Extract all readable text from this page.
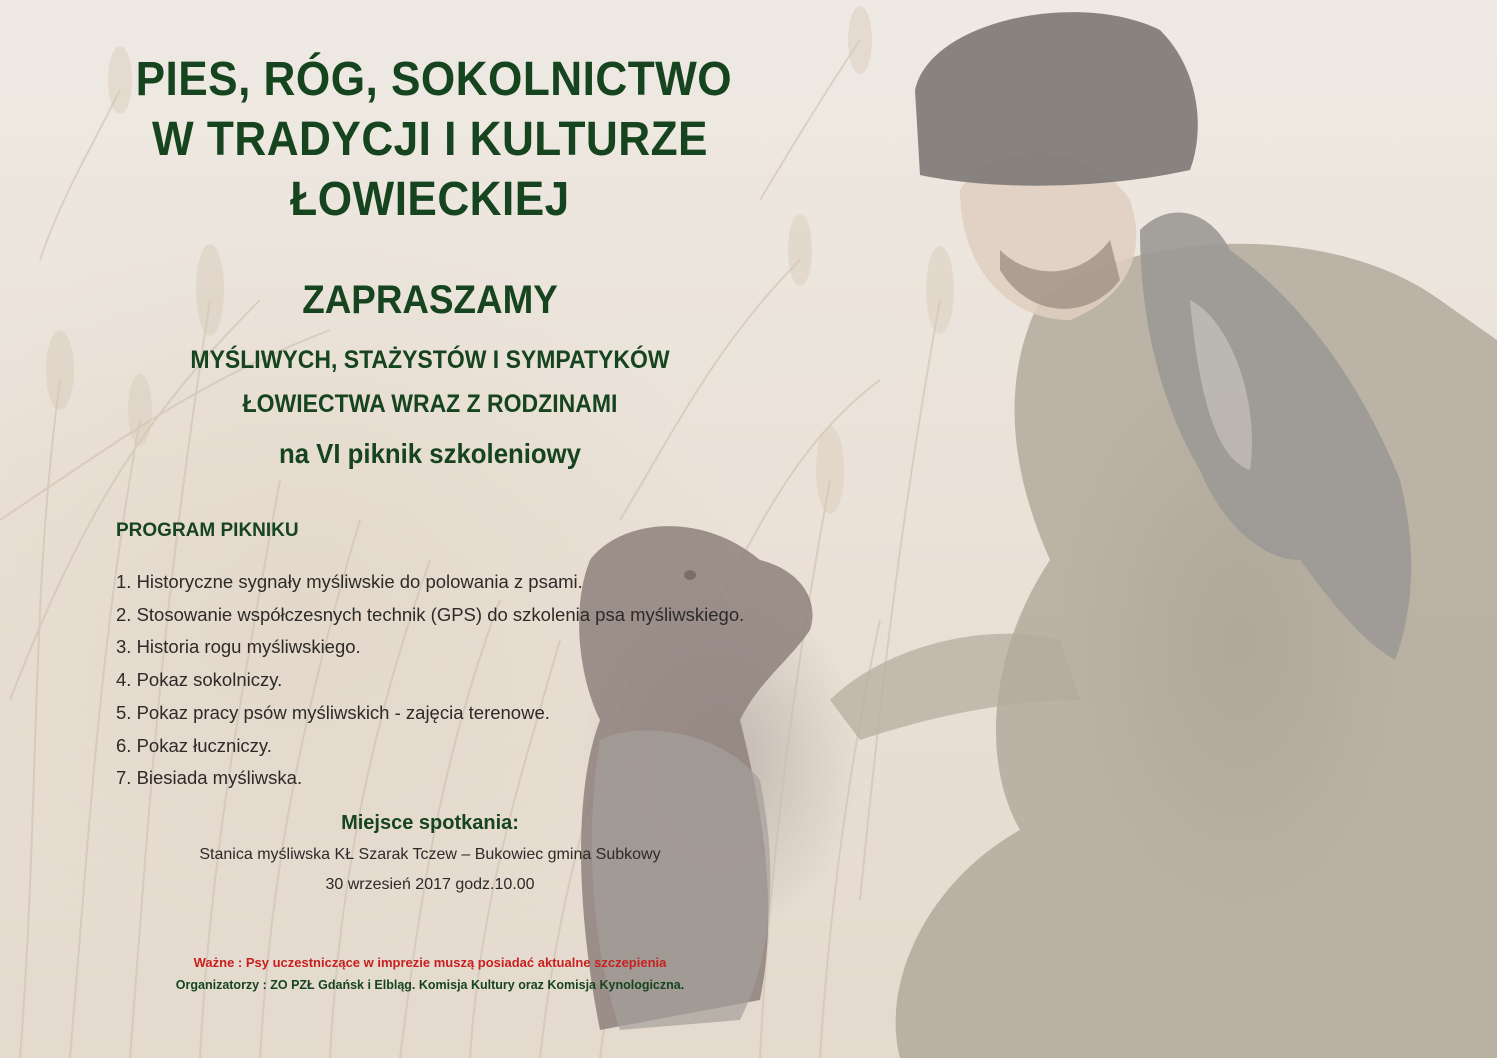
PIES, RÓG, SOKOLNICTWO
W TRADYCJI I KULTURZE
ŁOWIECKIEJ
ZAPRASZAMY
MYŚLIWYCH, STAŻYSTÓW I SYMPATYKÓW
ŁOWIECTWA WRAZ Z RODZINAMI
na VI piknik szkoleniowy
PROGRAM PIKNIKU
1. Historyczne sygnały myśliwskie do polowania z psami.
2. Stosowanie współczesnych technik (GPS) do szkolenia psa myśliwskiego.
3. Historia rogu myśliwskiego.
4. Pokaz sokolniczy.
5. Pokaz pracy psów myśliwskich - zajęcia terenowe.
6. Pokaz łuczniczy.
7. Biesiada myśliwska.
Miejsce spotkania:
Stanica myśliwska KŁ Szarak Tczew – Bukowiec gmina Subkowy
30 wrzesień 2017 godz.10.00
Ważne : Psy uczestniczące w imprezie muszą posiadać aktualne szczepienia
Organizatorzy : ZO PZŁ Gdańsk i Elbląg. Komisja Kultury oraz Komisja Kynologiczna.
